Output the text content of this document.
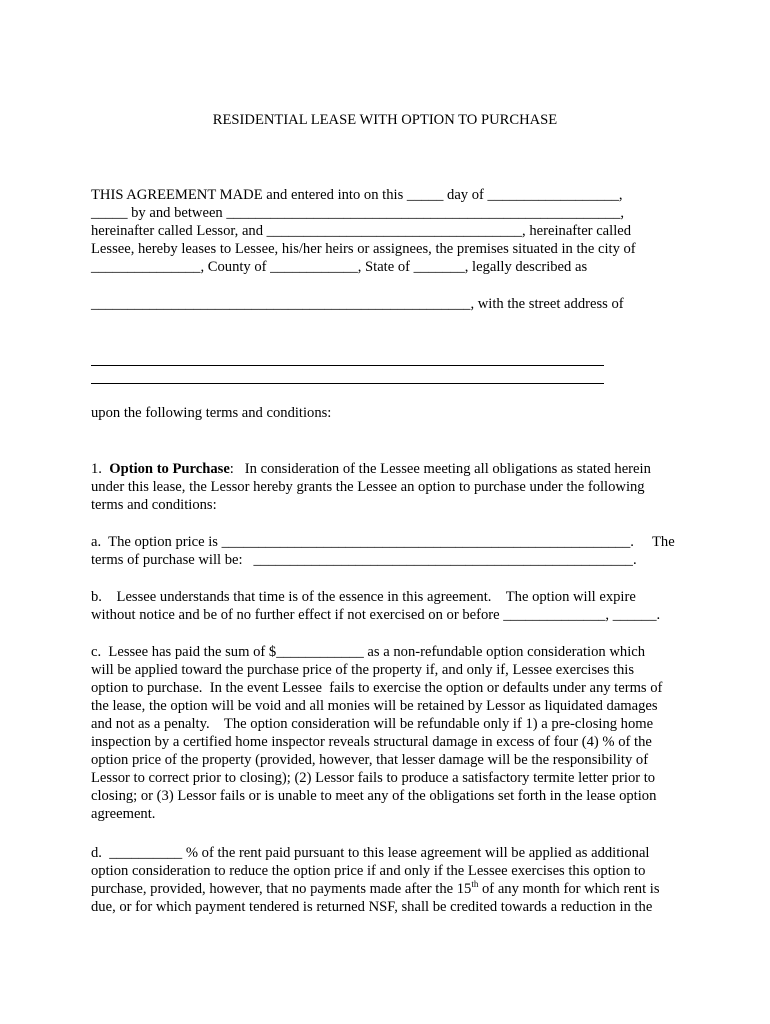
RESIDENTIAL LEASE WITH OPTION TO PURCHASE
THIS AGREEMENT MADE and entered into on this _____ day of __________________,
_____ by and between ______________________________________________________,
hereinafter called Lessor, and ___________________________________, hereinafter called
Lessee, hereby leases to Lessee, his/her heirs or assignees, the premises situated in the city of
_______________, County of ____________, State of _______, legally described as
____________________________________________________, with the street address of
upon the following terms and conditions:
1. Option to Purchase:   In consideration of the Lessee meeting all obligations as stated herein
under this lease, the Lessor hereby grants the Lessee an option to purchase under the following
terms and conditions:
a.  The option price is ________________________________________________________. The
terms of purchase will be:   ____________________________________________________.
b.    Lessee understands that time is of the essence in this agreement.    The option will expire
without notice and be of no further effect if not exercised on or before ______________, ______.
c.  Lessee has paid the sum of $____________ as a non-refundable option consideration which
will be applied toward the purchase price of the property if, and only if, Lessee exercises this
option to purchase.  In the event Lessee  fails to exercise the option or defaults under any terms of
the lease, the option will be void and all monies will be retained by Lessor as liquidated damages
and not as a penalty.    The option consideration will be refundable only if 1) a pre-closing home
inspection by a certified home inspector reveals structural damage in excess of four (4) % of the
option price of the property (provided, however, that lesser damage will be the responsibility of
Lessor to correct prior to closing); (2) Lessor fails to produce a satisfactory termite letter prior to
closing; or (3) Lessor fails or is unable to meet any of the obligations set forth in the lease option
agreement.
d.  __________ % of the rent paid pursuant to this lease agreement will be applied as additional
option consideration to reduce the option price if and only if the Lessee exercises this option to
purchase, provided, however, that no payments made after the 15th of any month for which rent is
due, or for which payment tendered is returned NSF, shall be credited towards a reduction in the
